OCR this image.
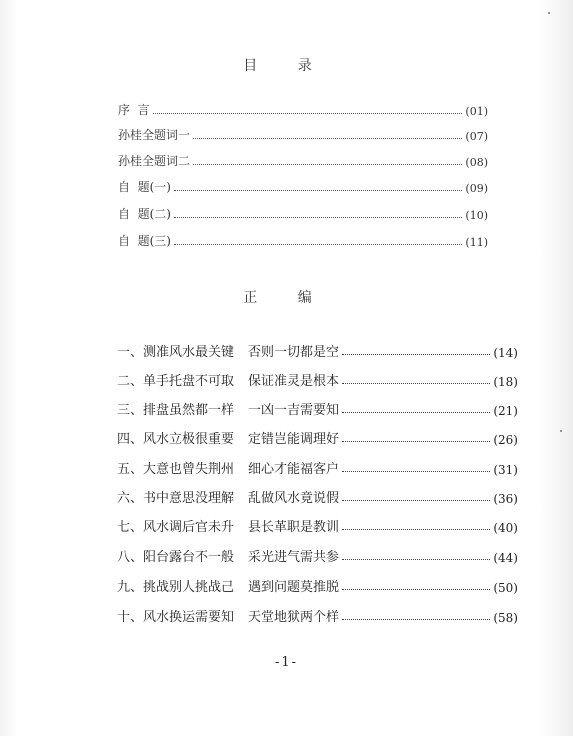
目 录
序  言	(01)
孙桂全题词一	(07)
孙桂全题词二	(08)
自  题(一)	(09)
自  题(二)	(10)
自  题(三)	(11)
正 编
一、测准风水最关键 否则一切都是空	(14)
二、单手托盘不可取 保证准灵是根本	(18)
三、排盘虽然都一样 一凶一吉需要知	(21)
四、风水立极很重要 定错岂能调理好	(26)
五、大意也曾失荆州 细心才能福客户	(31)
六、书中意思没理解 乱做风水竟说假	(36)
七、风水调后官未升 县长革职是教训	(40)
八、阳台露台不一般 采光进气需共参	(44)
九、挑战别人挑战己 遇到问题莫推脱	(50)
十、风水换运需要知 天堂地狱两个样	(58)
-1-
